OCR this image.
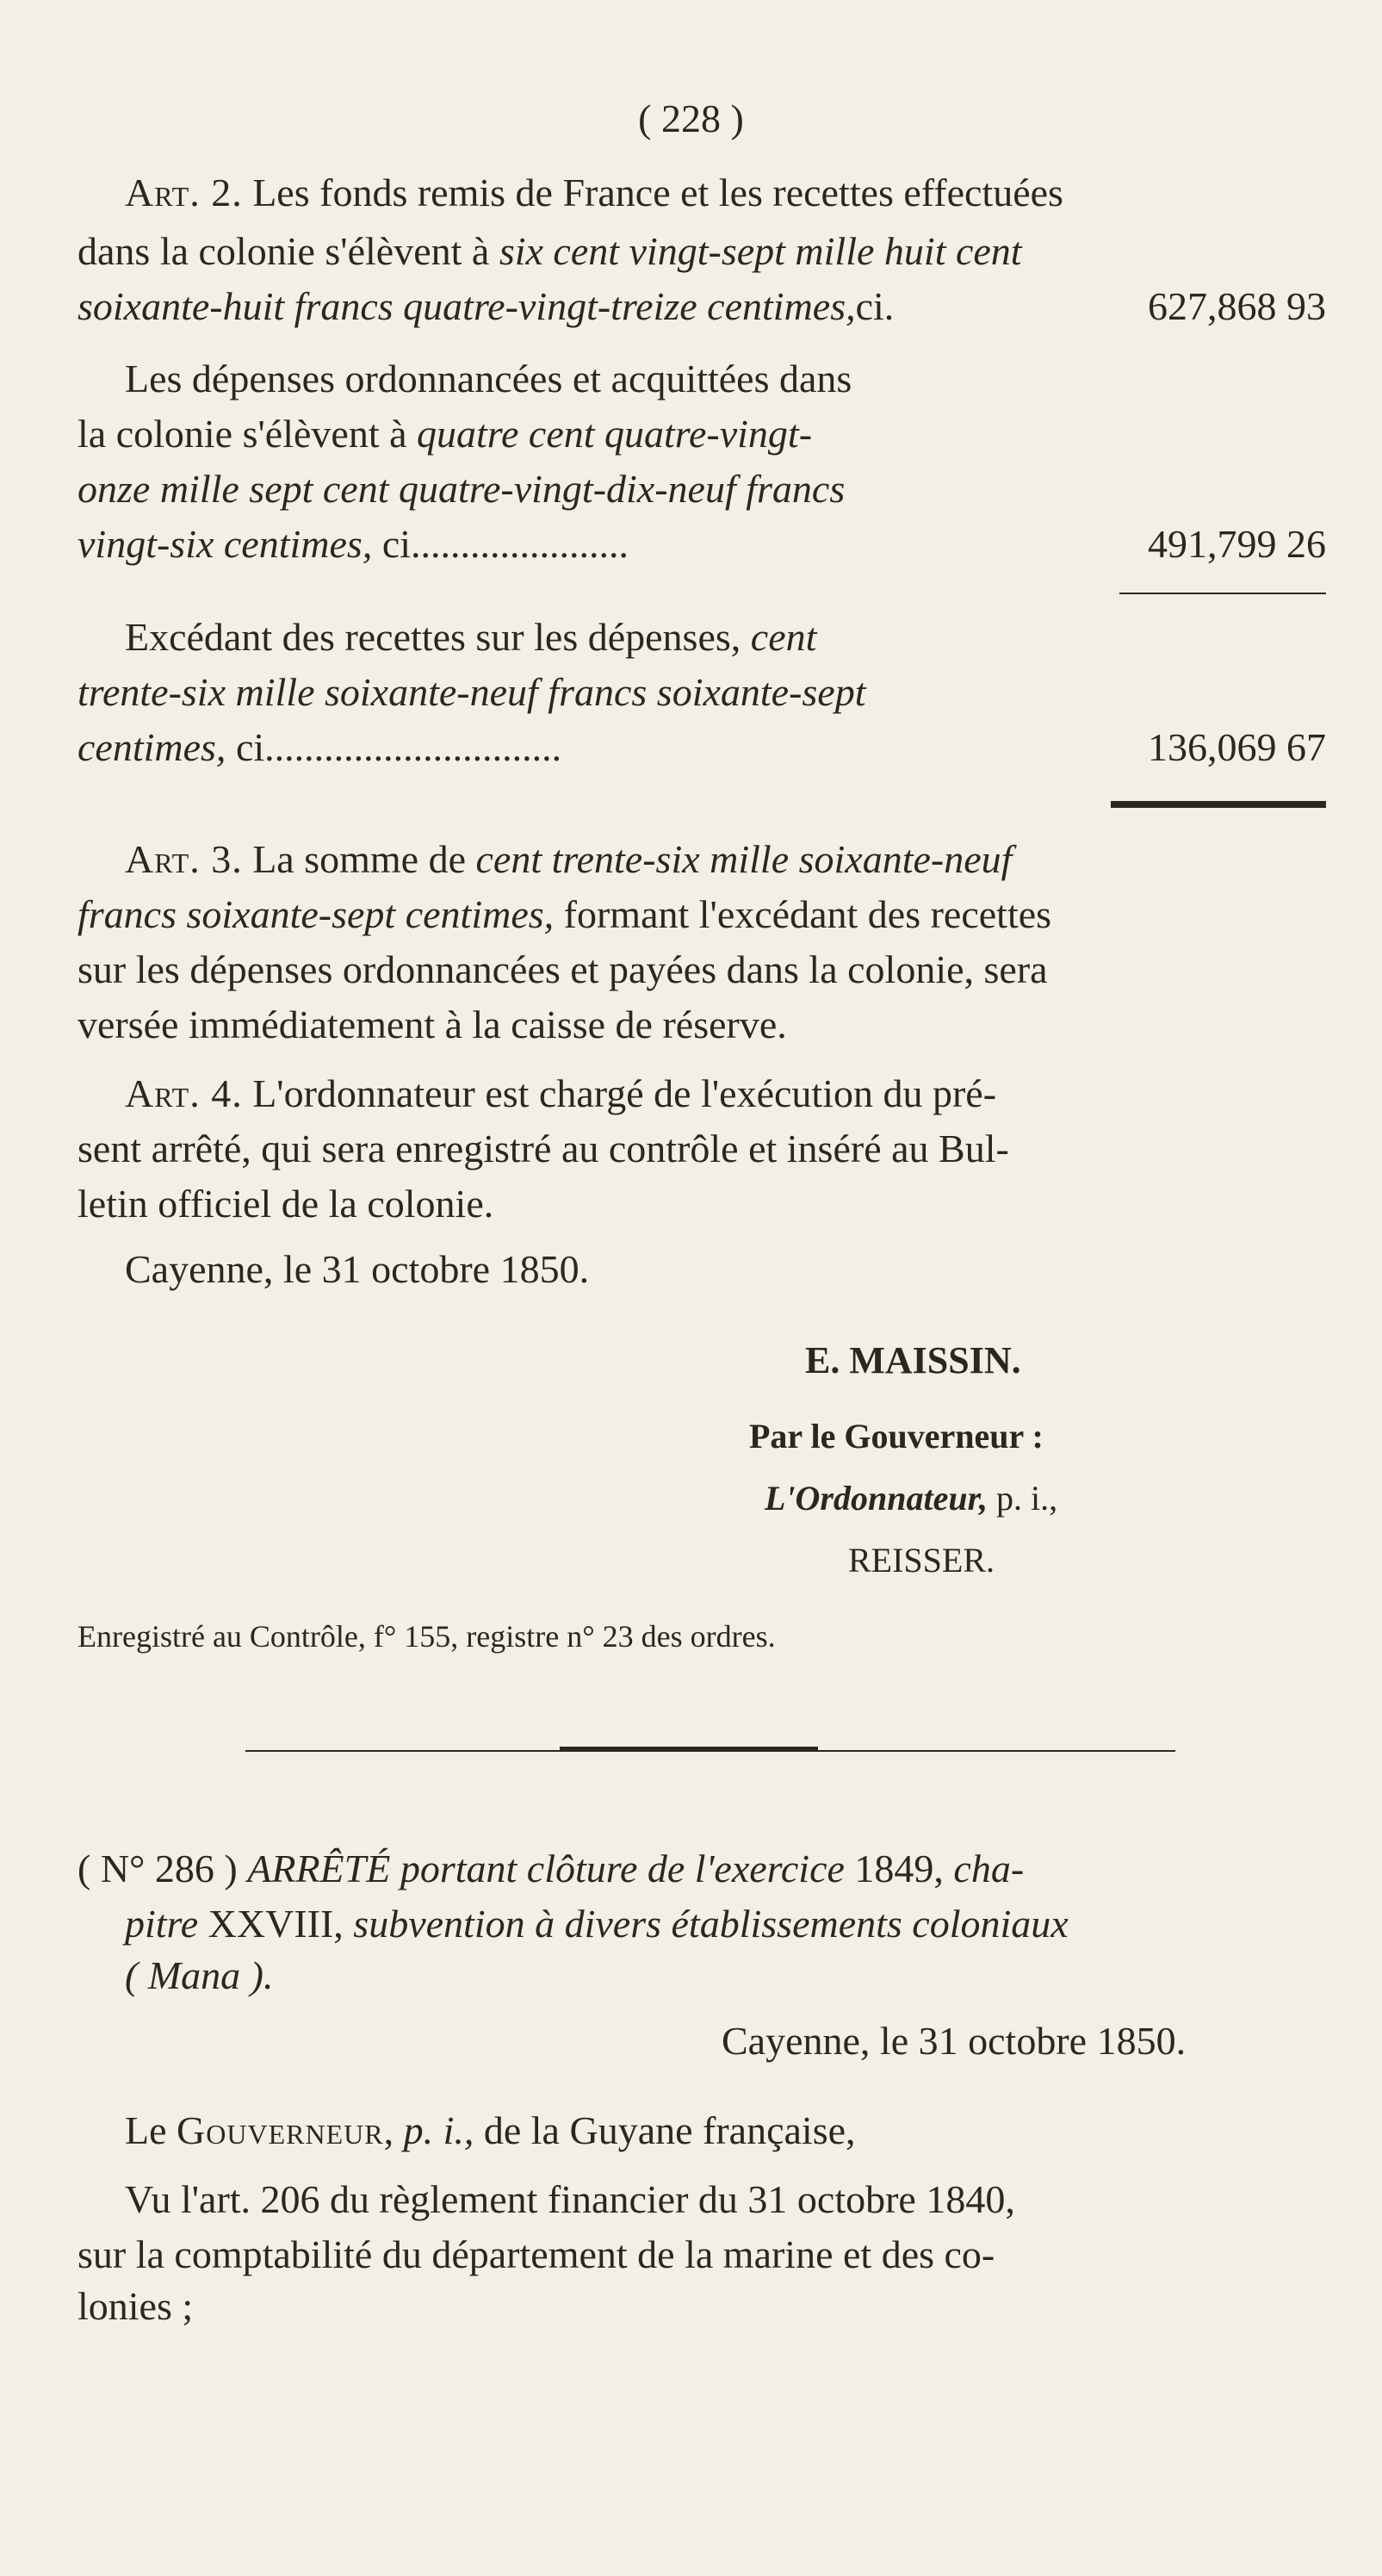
( 228 )
Art. 2. Les fonds remis de France et les recettes effectuées
dans la colonie s'élèvent à six cent vingt-sept mille huit cent
soixante-huit francs quatre-vingt-treize centimes,ci.	627,868 93
Les dépenses ordonnancées et acquittées dans
la colonie s'élèvent à quatre cent quatre-vingt-
onze mille sept cent quatre-vingt-dix-neuf francs
vingt-six centimes, ci......................	491,799 26
Excédant des recettes sur les dépenses, cent
trente-six mille soixante-neuf francs soixante-sept
centimes, ci..............................	136,069 67
Art. 3. La somme de cent trente-six mille soixante-neuf
francs soixante-sept centimes, formant l'excédant des recettes
sur les dépenses ordonnancées et payées dans la colonie, sera
versée immédiatement à la caisse de réserve.
Art. 4. L'ordonnateur est chargé de l'exécution du pré-
sent arrêté, qui sera enregistré au contrôle et inséré au Bul-
letin officiel de la colonie.
Cayenne, le 31 octobre 1850.
E. MAISSIN.
Par le Gouverneur :
L'Ordonnateur, p. i.,
REISSER.
Enregistré au Contrôle, f° 155, registre n° 23 des ordres.
( N° 286 ) ARRÊTÉ portant clôture de l'exercice 1849, cha-
pitre XXVIII, subvention à divers établissements coloniaux
( Mana ).
Cayenne, le 31 octobre 1850.
Le Gouverneur, p. i., de la Guyane française,
Vu l'art. 206 du règlement financier du 31 octobre 1840,
sur la comptabilité du département de la marine et des co-
lonies ;
